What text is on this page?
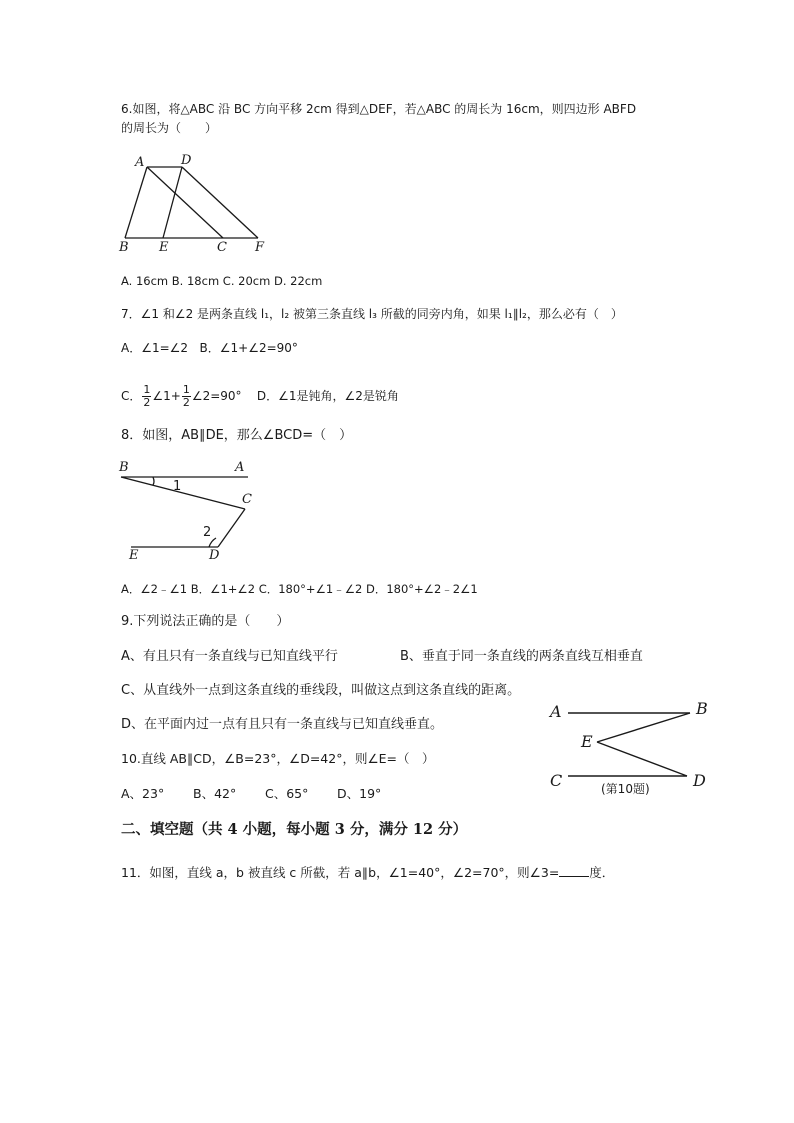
6.如图，将△ABC 沿 BC 方向平移 2cm 得到△DEF，若△ABC 的周长为 16cm，则四边形 ABFD
的周长为（　　）
A	D
B E	C F
A. 16cm B. 18cm C. 20cm D. 22cm
7．∠1 和∠2 是两条直线 l₁，l₂ 被第三条直线 l₃ 所截的同旁内角，如果 l₁∥l₂，那么必有（　）
A．∠1=∠2 B．∠1+∠2=90°
C． $\frac{1}{2}$ ∠1+ $\frac{1}{2}$ ∠2=90° D．∠1是钝角，∠2是锐角
8．如图，AB∥DE，那么∠BCD=（　）
B	A
1
C
2
E	D
A．∠2﹣∠1 B．∠1+∠2 C．180°+∠1﹣∠2 D．180°+∠2﹣2∠1
9.下列说法正确的是（　　）
A、有且只有一条直线与已知直线平行	B、垂直于同一条直线的两条直线互相垂直
C、从直线外一点到这条直线的垂线段，叫做这点到这条直线的距离。
D、在平面内过一点有且只有一条直线与已知直线垂直。
A	B
E
C	D
(第10题)
10.直线 AB∥CD，∠B=23°，∠D=42°，则∠E=（　）
A、23° B、42° C、65° D、19°
二、填空题（共 4 小题，每小题 3 分，满分 12 分）
11．如图，直线 a，b 被直线 c 所截，若 a∥b，∠1=40°，∠2=70°，则∠3= 度．
